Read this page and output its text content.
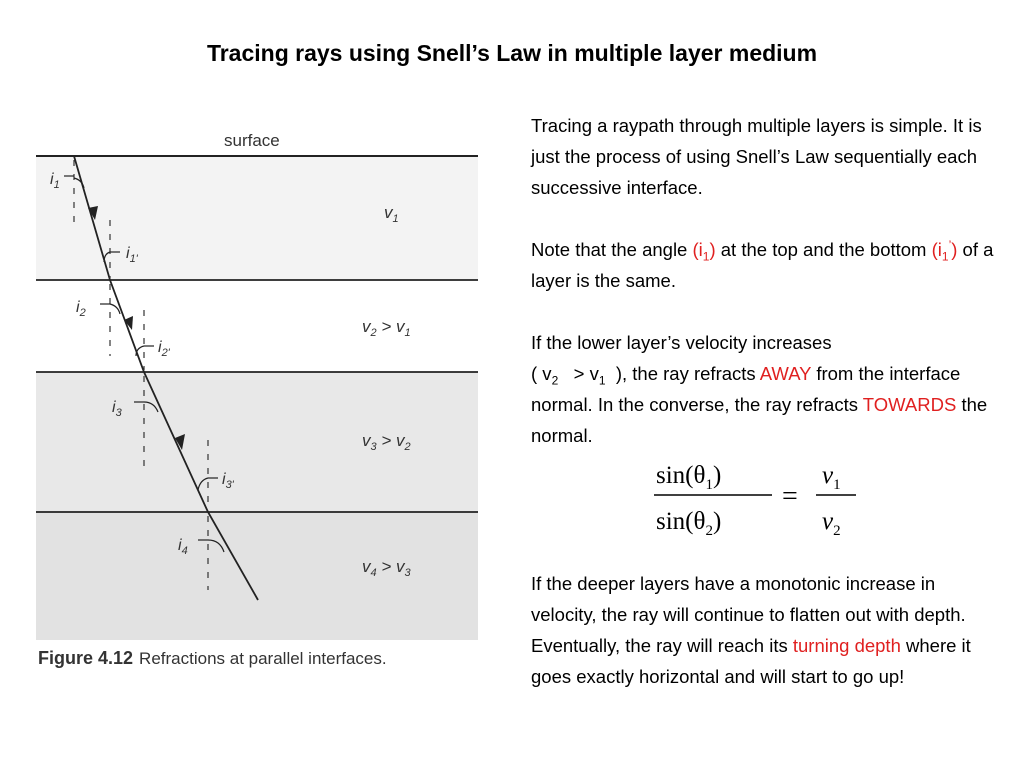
Tracing rays using Snell’s Law in multiple layer medium
surface
$i_1$
$i_{1'}$
$i_2$
$i_{2'}$
$i_3$
$i_{3'}$
$i_4$
$v_1$
$v_2 > v_1$
$v_3 > v_2$
$v_4 > v_3$
Figure 4.12 Refractions at parallel interfaces.

Tracing a raypath through multiple layers is simple. It is just the process of using Snell’s Law sequentially each successive interface.

Note that the angle $(i_1)$ at the top and the bottom $(i_1^’)$ of a layer is the same.

If the lower layer’s velocity increases
( $v_2 > v_1$  ), the ray refracts AWAY from the interface normal. In the converse, the ray refracts TOWARDS the normal.

$\sin(\theta_1)$
$\sin(\theta_2)$
=
$v_1$
$v_2$

If the deeper layers have a monotonic increase in velocity, the ray will continue to flatten out with depth. Eventually, the ray will reach its turning depth where it goes exactly horizontal and will start to go up!
